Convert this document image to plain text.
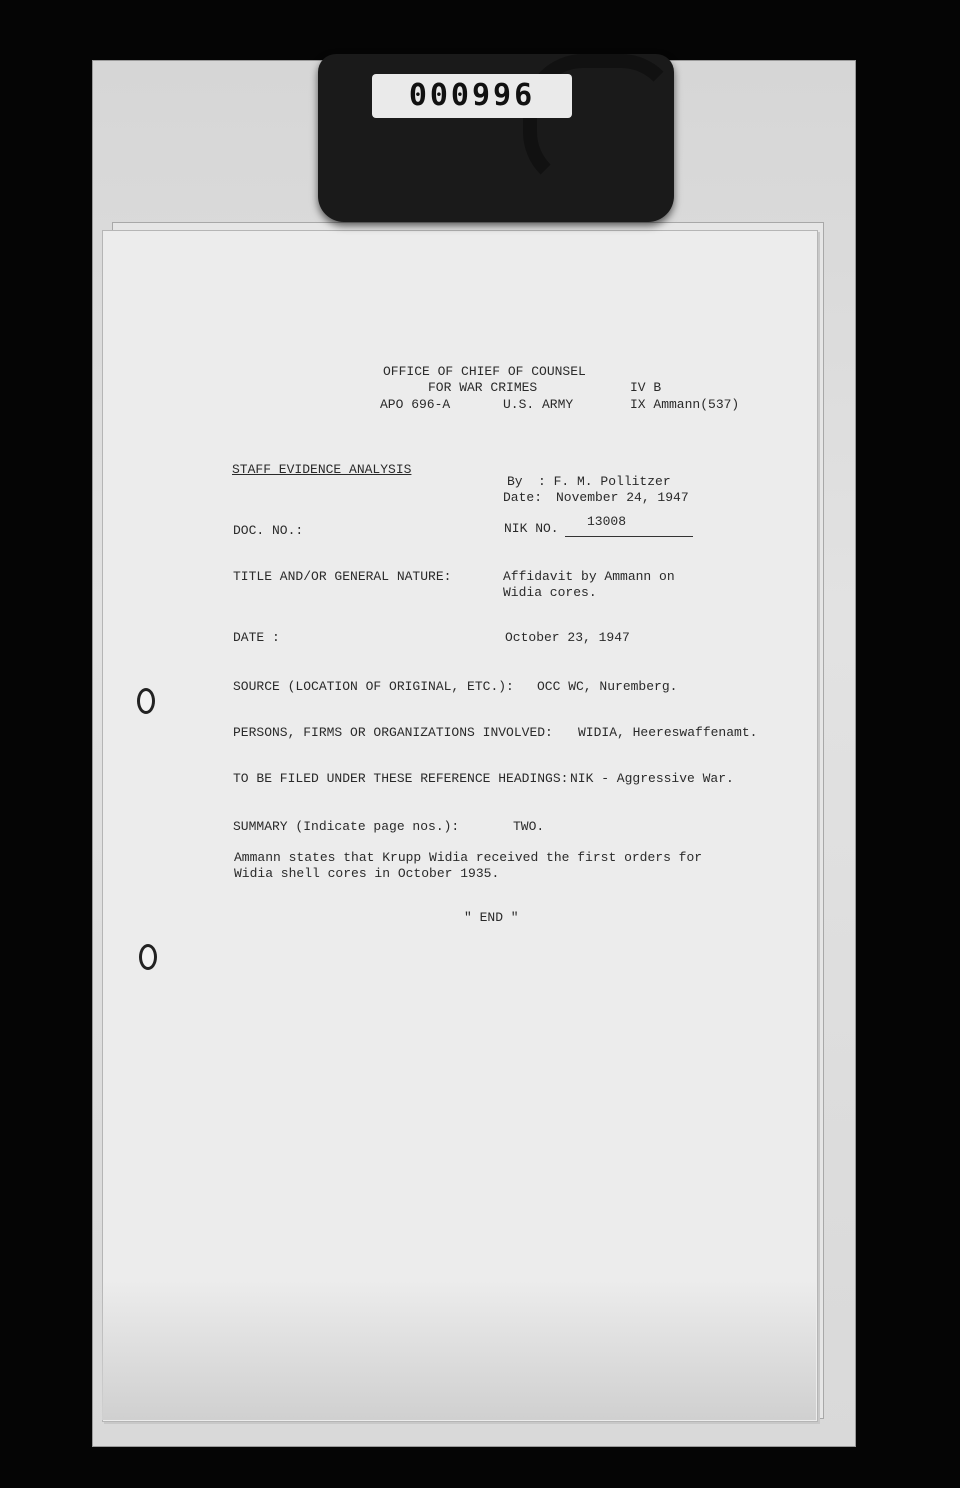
000996
OFFICE OF CHIEF OF COUNSEL
FOR WAR CRIMES
APO 696-A	U.S. ARMY
IV B
IX Ammann(537)
STAFF EVIDENCE ANALYSIS
By : F. M. Pollitzer
Date: November 24, 1947
DOC. NO.:	NIK NO. 13008
TITLE AND/OR GENERAL NATURE:	Affidavit by Ammann on
Widia cores.
DATE :	October 23, 1947
SOURCE (LOCATION OF ORIGINAL, ETC.): OCC WC, Nuremberg.
PERSONS, FIRMS OR ORGANIZATIONS INVOLVED: WIDIA, Heereswaffenamt.
TO BE FILED UNDER THESE REFERENCE HEADINGS: NIK - Aggressive War.
SUMMARY (Indicate page nos.):	TWO.
Ammann states that Krupp Widia received the first orders for
Widia shell cores in October 1935.
" END "
